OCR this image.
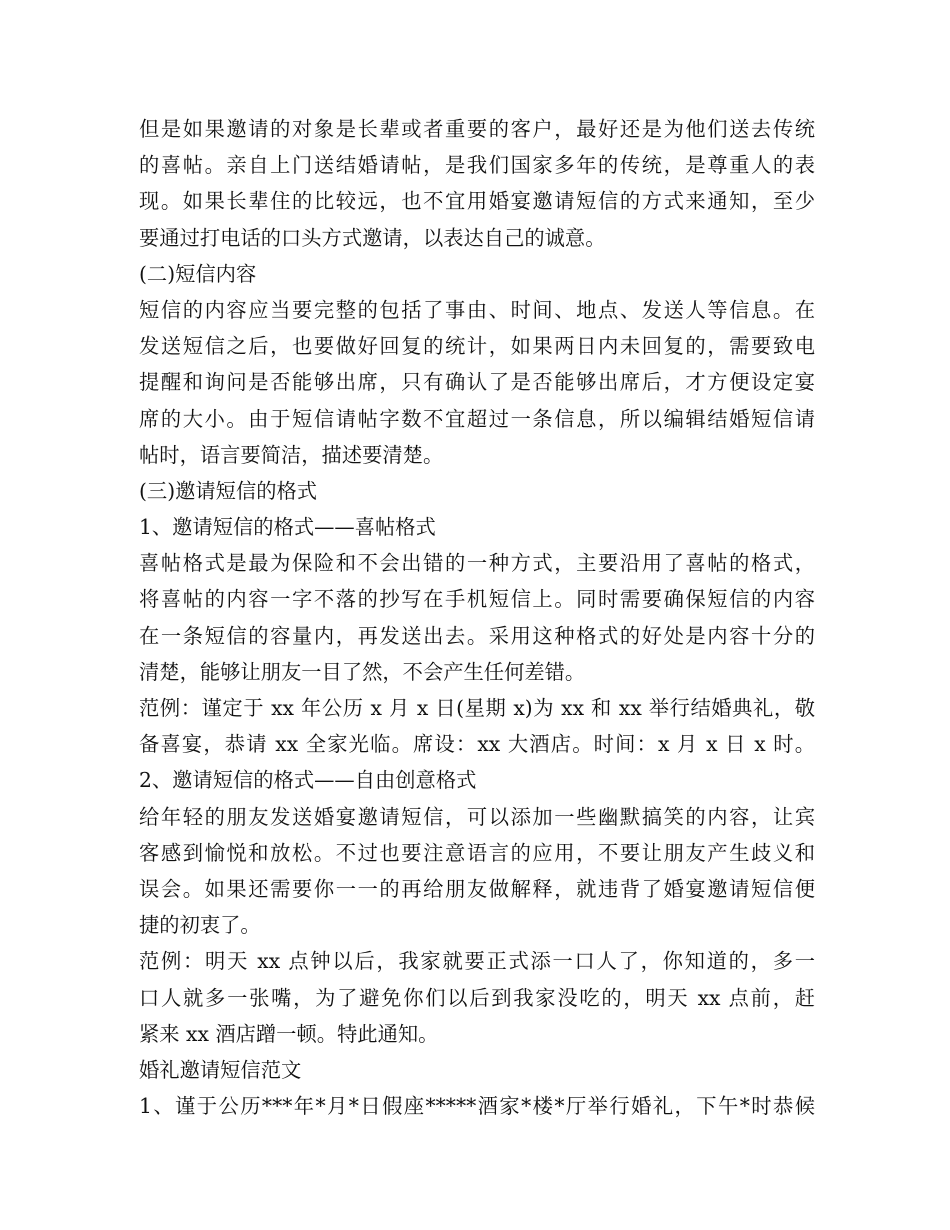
但是如果邀请的对象是长辈或者重要的客户，最好还是为他们送去传统
的喜帖。亲自上门送结婚请帖，是我们国家多年的传统，是尊重人的表
现。如果长辈住的比较远，也不宜用婚宴邀请短信的方式来通知，至少
要通过打电话的口头方式邀请，以表达自己的诚意。
(二)短信内容
短信的内容应当要完整的包括了事由、时间、地点、发送人等信息。在
发送短信之后，也要做好回复的统计，如果两日内未回复的，需要致电
提醒和询问是否能够出席，只有确认了是否能够出席后，才方便设定宴
席的大小。由于短信请帖字数不宜超过一条信息，所以编辑结婚短信请
帖时，语言要简洁，描述要清楚。
(三)邀请短信的格式
1、邀请短信的格式——喜帖格式
喜帖格式是最为保险和不会出错的一种方式，主要沿用了喜帖的格式，
将喜帖的内容一字不落的抄写在手机短信上。同时需要确保短信的内容
在一条短信的容量内，再发送出去。采用这种格式的好处是内容十分的
清楚，能够让朋友一目了然，不会产生任何差错。
范例：谨定于 xx 年公历 x 月 x 日(星期 x)为 xx 和 xx 举行结婚典礼，敬
备喜宴，恭请 xx 全家光临。席设：xx 大酒店。时间：x 月 x 日 x 时。
2、邀请短信的格式——自由创意格式
给年轻的朋友发送婚宴邀请短信，可以添加一些幽默搞笑的内容，让宾
客感到愉悦和放松。不过也要注意语言的应用，不要让朋友产生歧义和
误会。如果还需要你一一的再给朋友做解释，就违背了婚宴邀请短信便
捷的初衷了。
范例：明天 xx 点钟以后，我家就要正式添一口人了，你知道的，多一
口人就多一张嘴，为了避免你们以后到我家没吃的，明天 xx 点前，赶
紧来 xx 酒店蹭一顿。特此通知。
婚礼邀请短信范文
1、谨于公历***年*月*日假座*****酒家*楼*厅举行婚礼，下午*时恭候
